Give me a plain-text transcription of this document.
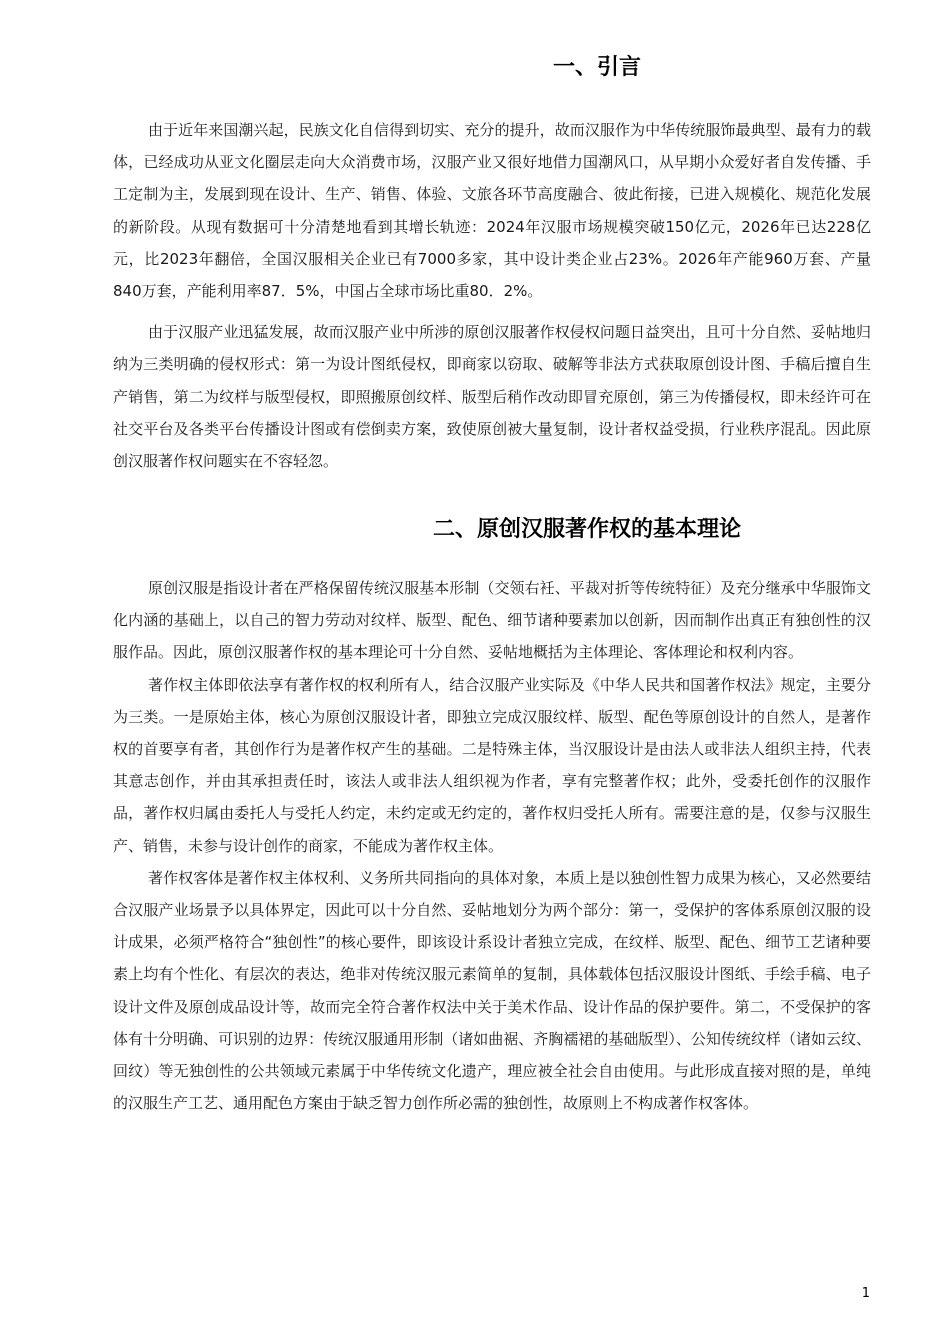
一、引言

由于近年来国潮兴起，民族文化自信得到切实、充分的提升，故而汉服作为中华传统服饰最典型、最有力的载体，已经成功从亚文化圈层走向大众消费市场，汉服产业又很好地借力国潮风口，从早期小众爱好者自发传播、手工定制为主，发展到现在设计、生产、销售、体验、文旅各环节高度融合、彼此衔接，已进入规模化、规范化发展的新阶段。从现有数据可十分清楚地看到其增长轨迹：2024年汉服市场规模突破150亿元，2026年已达228亿元，比2023年翻倍，全国汉服相关企业已有7000多家，其中设计类企业占23%。2026年产能960万套、产量840万套，产能利用率87．5%，中国占全球市场比重80．2%。

由于汉服产业迅猛发展，故而汉服产业中所涉的原创汉服著作权侵权问题日益突出，且可十分自然、妥帖地归纳为三类明确的侵权形式：第一为设计图纸侵权，即商家以窃取、破解等非法方式获取原创设计图、手稿后擅自生产销售，第二为纹样与版型侵权，即照搬原创纹样、版型后稍作改动即冒充原创，第三为传播侵权，即未经许可在社交平台及各类平台传播设计图或有偿倒卖方案，致使原创被大量复制，设计者权益受损，行业秩序混乱。因此原创汉服著作权问题实在不容轻忽。

二、原创汉服著作权的基本理论

原创汉服是指设计者在严格保留传统汉服基本形制（交领右衽、平裁对折等传统特征）及充分继承中华服饰文化内涵的基础上，以自己的智力劳动对纹样、版型、配色、细节诸种要素加以创新，因而制作出真正有独创性的汉服作品。因此，原创汉服著作权的基本理论可十分自然、妥帖地概括为主体理论、客体理论和权利内容。

著作权主体即依法享有著作权的权利所有人，结合汉服产业实际及《中华人民共和国著作权法》规定，主要分为三类。一是原始主体，核心为原创汉服设计者，即独立完成汉服纹样、版型、配色等原创设计的自然人，是著作权的首要享有者，其创作行为是著作权产生的基础。二是特殊主体，当汉服设计是由法人或非法人组织主持，代表其意志创作，并由其承担责任时，该法人或非法人组织视为作者，享有完整著作权；此外，受委托创作的汉服作品，著作权归属由委托人与受托人约定，未约定或无约定的，著作权归受托人所有。需要注意的是，仅参与汉服生产、销售，未参与设计创作的商家，不能成为著作权主体。

著作权客体是著作权主体权利、义务所共同指向的具体对象，本质上是以独创性智力成果为核心，又必然要结合汉服产业场景予以具体界定，因此可以十分自然、妥帖地划分为两个部分：第一，受保护的客体系原创汉服的设计成果，必须严格符合“独创性”的核心要件，即该设计系设计者独立完成，在纹样、版型、配色、细节工艺诸种要素上均有个性化、有层次的表达，绝非对传统汉服元素简单的复制，具体载体包括汉服设计图纸、手绘手稿、电子设计文件及原创成品设计等，故而完全符合著作权法中关于美术作品、设计作品的保护要件。第二，不受保护的客体有十分明确、可识别的边界：传统汉服通用形制（诸如曲裾、齐胸襦裙的基础版型）、公知传统纹样（诸如云纹、回纹）等无独创性的公共领域元素属于中华传统文化遗产，理应被全社会自由使用。与此形成直接对照的是，单纯的汉服生产工艺、通用配色方案由于缺乏智力创作所必需的独创性，故原则上不构成著作权客体。

1
